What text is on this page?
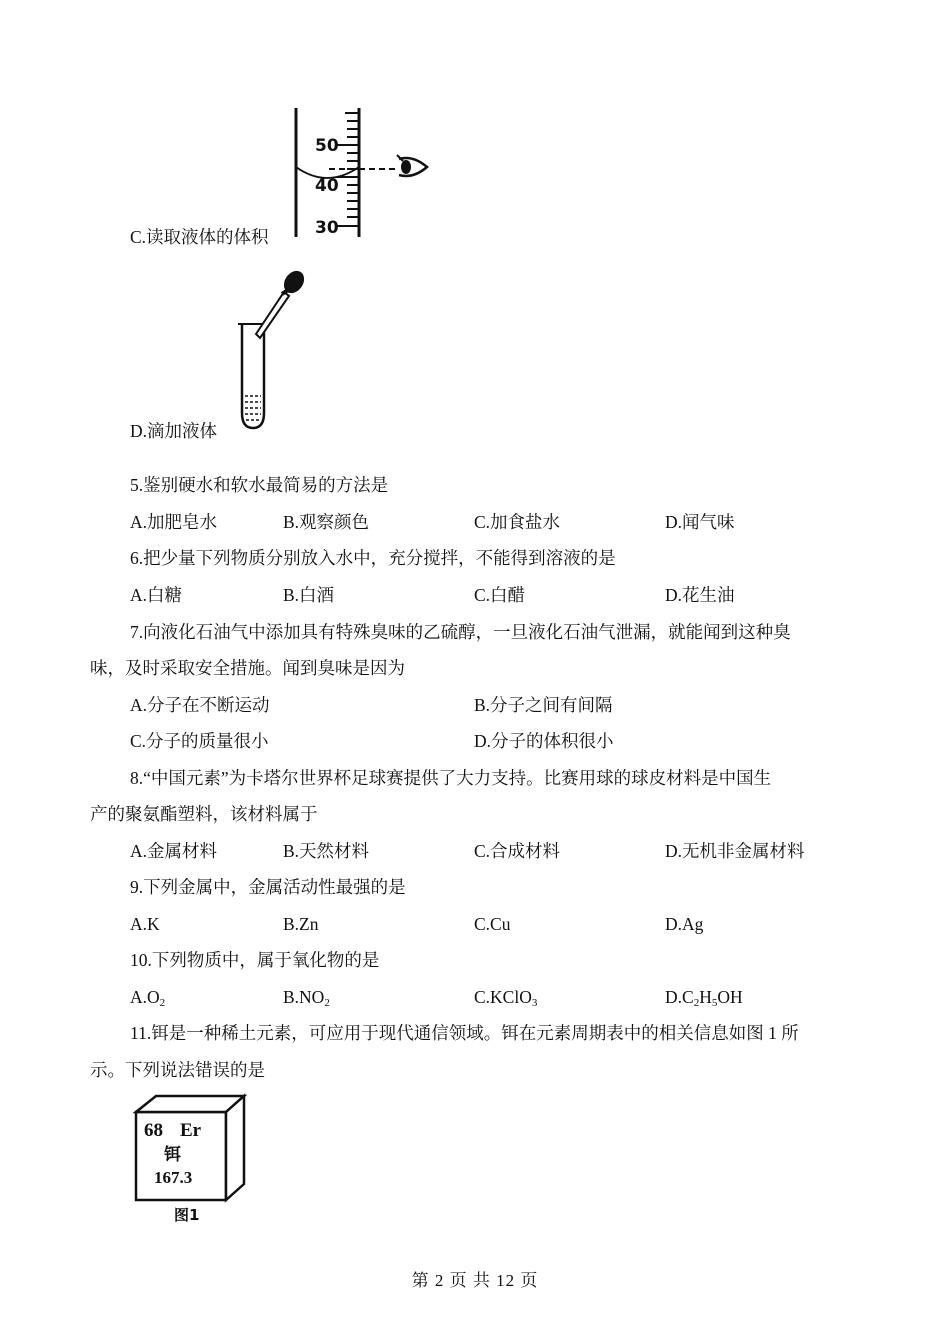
C.读取液体的体积
50
40
30
D.滴加液体
5.鉴别硬水和软水最简易的方法是
A.加肥皂水	B.观察颜色	C.加食盐水	D.闻气味
6.把少量下列物质分别放入水中，充分搅拌，不能得到溶液的是
A.白糖	B.白酒	C.白醋	D.花生油
7.向液化石油气中添加具有特殊臭味的乙硫醇，一旦液化石油气泄漏，就能闻到这种臭
味，及时采取安全措施。闻到臭味是因为
A.分子在不断运动	B.分子之间有间隔
C.分子的质量很小	D.分子的体积很小
8.“中国元素”为卡塔尔世界杯足球赛提供了大力支持。比赛用球的球皮材料是中国生
产的聚氨酯塑料，该材料属于
A.金属材料	B.天然材料	C.合成材料	D.无机非金属材料
9.下列金属中，金属活动性最强的是
A.K	B.Zn	C.Cu	D.Ag
10.下列物质中，属于氧化物的是
$A.O_2$	$B.NO_2$	C.KClO$_3$	$D.C_2H_5OH$
11.铒是一种稀土元素，可应用于现代通信领域。铒在元素周期表中的相关信息如图 1 所
示。下列说法错误的是
68 Er
铒
167.3
图1
第 2 页 共 12 页
